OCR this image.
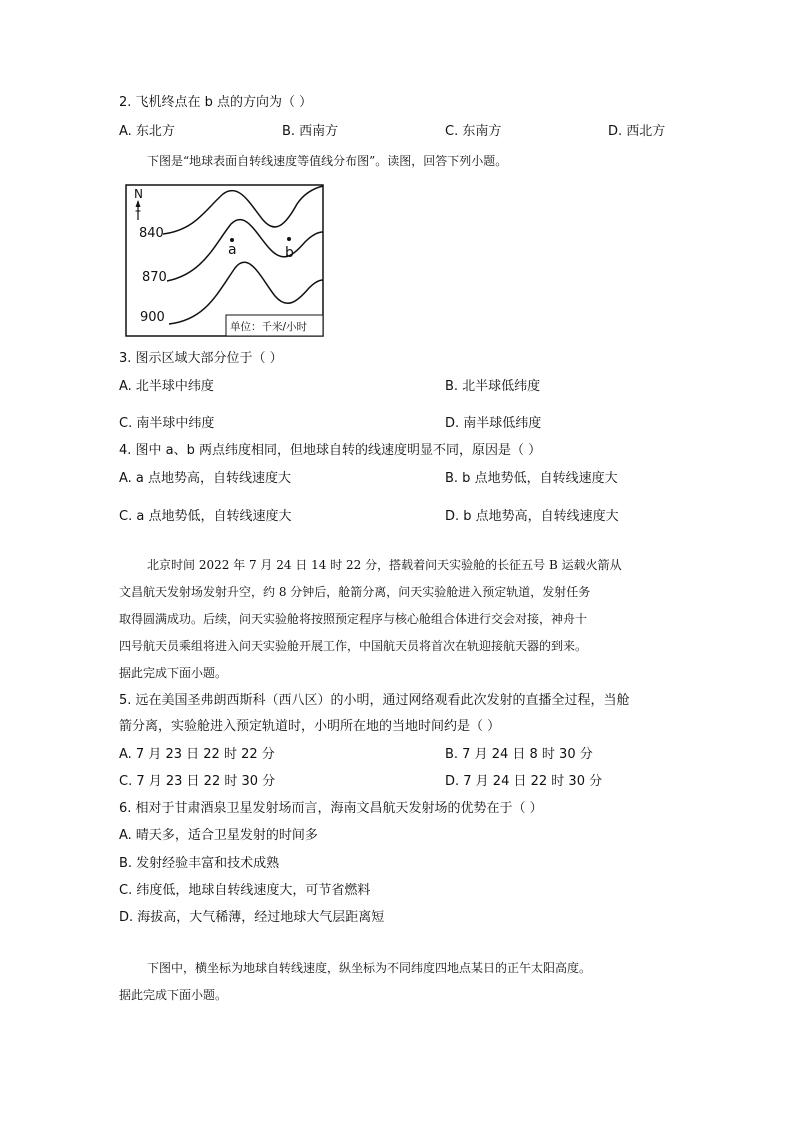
2. 飞机终点在 b 点的方向为（ ）
A. 东北方	B. 西南方	C. 东南方	D. 西北方
下图是“地球表面自转线速度等值线分布图”。读图，回答下列小题。
N
840
870
900
a	b
单位：千米/小时
3. 图示区域大部分位于（ ）
A. 北半球中纬度	B. 北半球低纬度
C. 南半球中纬度	D. 南半球低纬度
4. 图中 a、b 两点纬度相同，但地球自转的线速度明显不同，原因是（ ）
A. a 点地势高，自转线速度大	B. b 点地势低，自转线速度大
C. a 点地势低，自转线速度大	D. b 点地势高，自转线速度大
北京时间 2022 年 7 月 24 日 14 时 22 分，搭载着问天实验舱的长征五号 B 运载火箭从
文昌航天发射场发射升空，约 8 分钟后，舱箭分离，问天实验舱进入预定轨道，发射任务
取得圆满成功。后续，问天实验舱将按照预定程序与核心舱组合体进行交会对接，神舟十
四号航天员乘组将进入问天实验舱开展工作，中国航天员将首次在轨迎接航天器的到来。
据此完成下面小题。
5. 远在美国圣弗朗西斯科（西八区）的小明，通过网络观看此次发射的直播全过程，当舱
箭分离，实验舱进入预定轨道时，小明所在地的当地时间约是（ ）
A. 7 月 23 日 22 时 22 分	B. 7 月 24 日 8 时 30 分
C. 7 月 23 日 22 时 30 分	D. 7 月 24 日 22 时 30 分
6. 相对于甘肃酒泉卫星发射场而言，海南文昌航天发射场的优势在于（ ）
A. 晴天多，适合卫星发射的时间多
B. 发射经验丰富和技术成熟
C. 纬度低，地球自转线速度大，可节省燃料
D. 海拔高，大气稀薄，经过地球大气层距离短
下图中，横坐标为地球自转线速度，纵坐标为不同纬度四地点某日的正午太阳高度。
据此完成下面小题。
